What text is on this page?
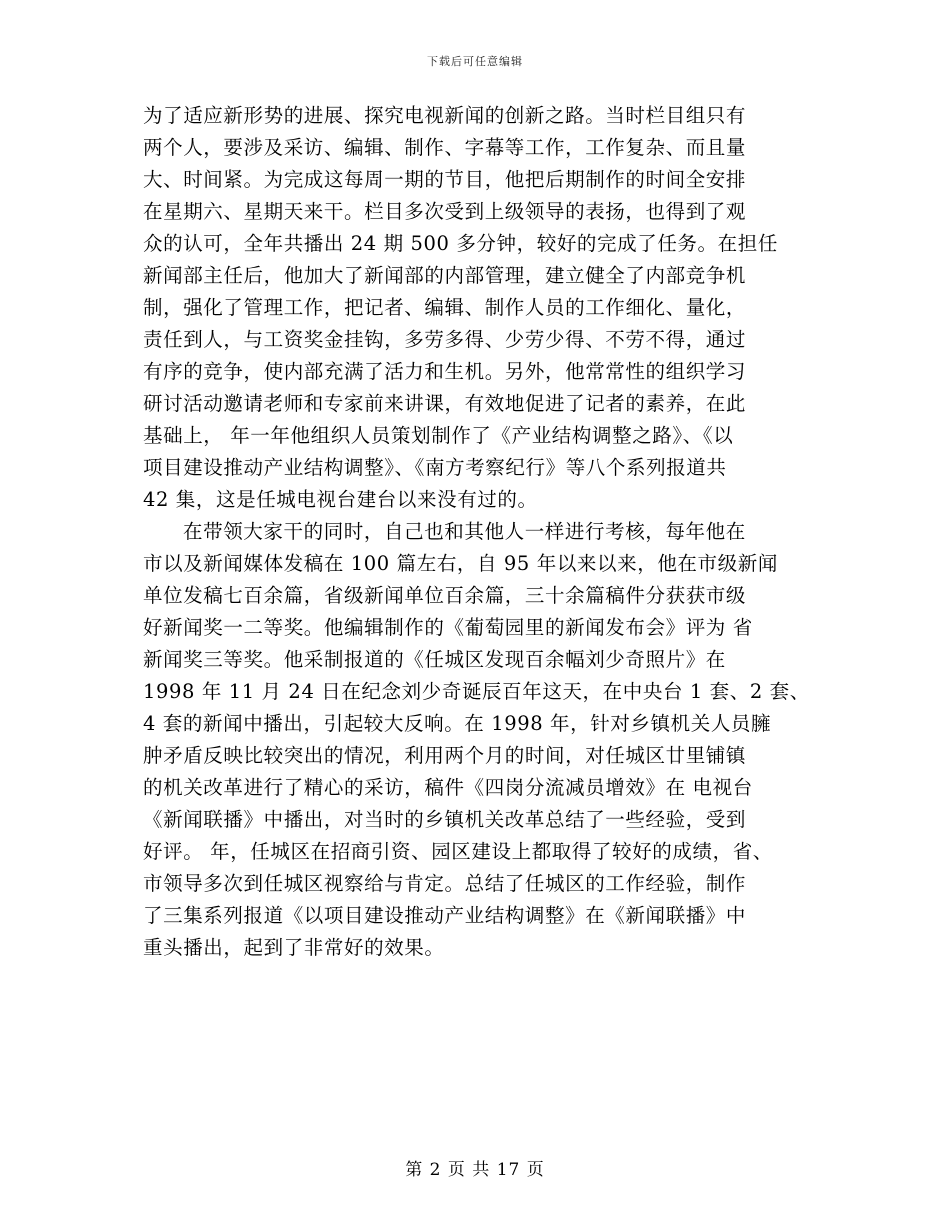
下载后可任意编辑
为了适应新形势的进展、探究电视新闻的创新之路。当时栏目组只有
两个人，要涉及采访、编辑、制作、字幕等工作，工作复杂、而且量
大、时间紧。为完成这每周一期的节目，他把后期制作的时间全安排
在星期六、星期天来干。栏目多次受到上级领导的表扬，也得到了观
众的认可，全年共播出 24 期 500 多分钟，较好的完成了任务。在担任
新闻部主任后，他加大了新闻部的内部管理，建立健全了内部竞争机
制，强化了管理工作，把记者、编辑、制作人员的工作细化、量化，
责任到人，与工资奖金挂钩，多劳多得、少劳少得、不劳不得，通过
有序的竞争，使内部充满了活力和生机。另外，他常常性的组织学习
研讨活动邀请老师和专家前来讲课，有效地促进了记者的素养，在此
基础上， 年一年他组织人员策划制作了《产业结构调整之路》、《以
项目建设推动产业结构调整》、《南方考察纪行》等八个系列报道共
42 集，这是任城电视台建台以来没有过的。
在带领大家干的同时，自己也和其他人一样进行考核，每年他在
市以及新闻媒体发稿在 100 篇左右，自 95 年以来以来，他在市级新闻
单位发稿七百余篇，省级新闻单位百余篇，三十余篇稿件分获获市级
好新闻奖一二等奖。他编辑制作的《葡萄园里的新闻发布会》评为 省
新闻奖三等奖。他采制报道的《任城区发现百余幅刘少奇照片》在
1998 年 11 月 24 日在纪念刘少奇诞辰百年这天，在中央台 1 套、2 套、
4 套的新闻中播出，引起较大反响。在 1998 年，针对乡镇机关人员臃
肿矛盾反映比较突出的情况，利用两个月的时间，对任城区廿里铺镇
的机关改革进行了精心的采访，稿件《四岗分流减员增效》在 电视台
《新闻联播》中播出，对当时的乡镇机关改革总结了一些经验，受到
好评。 年，任城区在招商引资、园区建设上都取得了较好的成绩，省、
市领导多次到任城区视察给与肯定。总结了任城区的工作经验，制作
了三集系列报道《以项目建设推动产业结构调整》在《新闻联播》中
重头播出，起到了非常好的效果。
第 2 页 共 17 页
